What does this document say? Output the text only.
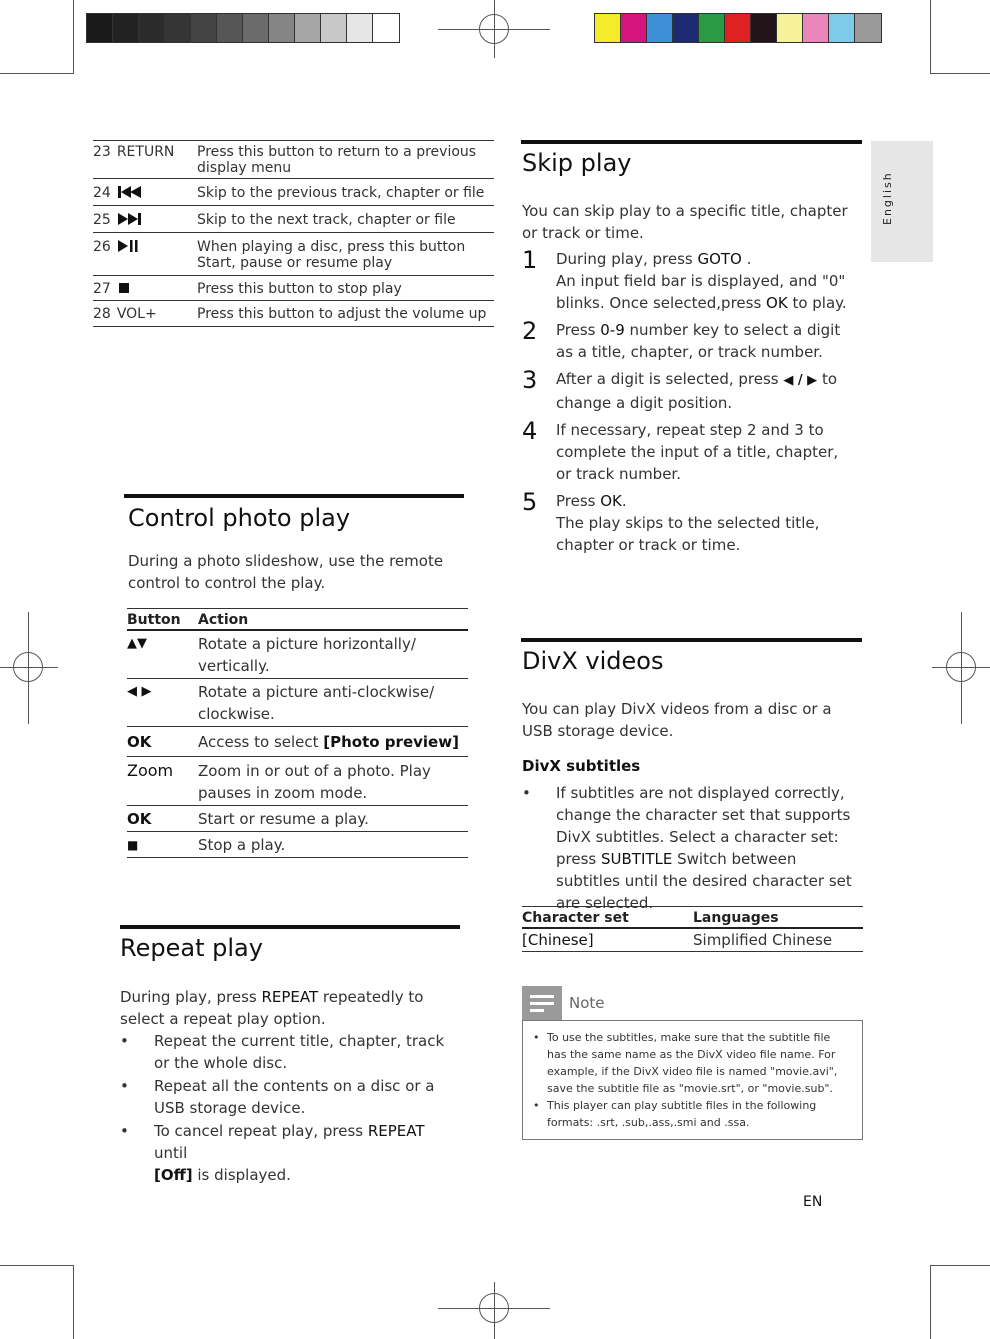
English
23 RETURN Press this button to return to a previous display menu
24	Skip to the previous track, chapter or file
25	Skip to the next track, chapter or file
26	When playing a disc, press this button Start, pause or resume play
27	Press this button to stop play
28 VOL+	Press this button to adjust the volume up
Control photo play

During a photo slideshow, use the remote control to control the play.

Button	Action
▲▼	Rotate a picture horizontally/ vertically.
◀ ▶	Rotate a picture anti-clockwise/ clockwise.
OK	Access to select [Photo preview]
Zoom	Zoom in or out of a photo. Play pauses in zoom mode.
OK	Start or resume a play.
■	Stop a play.
Repeat play

During play, press REPEAT repeatedly to select a repeat play option.

• Repeat the current title, chapter, track or the whole disc.
• Repeat all the contents on a disc or a USB storage device.
• To cancel repeat play, press REPEAT until
[Off] is displayed.
Skip play

You can skip play to a specific title, chapter or track or time.

1	During play, press GOTO .
An input field bar is displayed, and "0" blinks. Once selected,press OK to play.
2	Press 0-9 number key to select a digit as a title, chapter, or track number.
3	After a digit is selected, press ◀ / ▶ to change a digit position.
4	If necessary, repeat step 2 and 3 to complete the input of a title, chapter, or track number.
5	Press OK.
The play skips to the selected title, chapter or track or time.
DivX videos

You can play DivX videos from a disc or a USB storage device.

DivX subtitles
• If subtitles are not displayed correctly, change the character set that supports DivX subtitles. Select a character set: press SUBTITLE Switch between subtitles until the desired character set are selected.
Character set	Languages
[Chinese]	Simplified Chinese
Note
• To use the subtitles, make sure that the subtitle file has the same name as the DivX video file name. For example, if the DivX video file is named "movie.avi", save the subtitle file as "movie.srt", or "movie.sub".
• This player can play subtitle files in the following formats: .srt, .sub,.ass,.smi and .ssa.
EN
